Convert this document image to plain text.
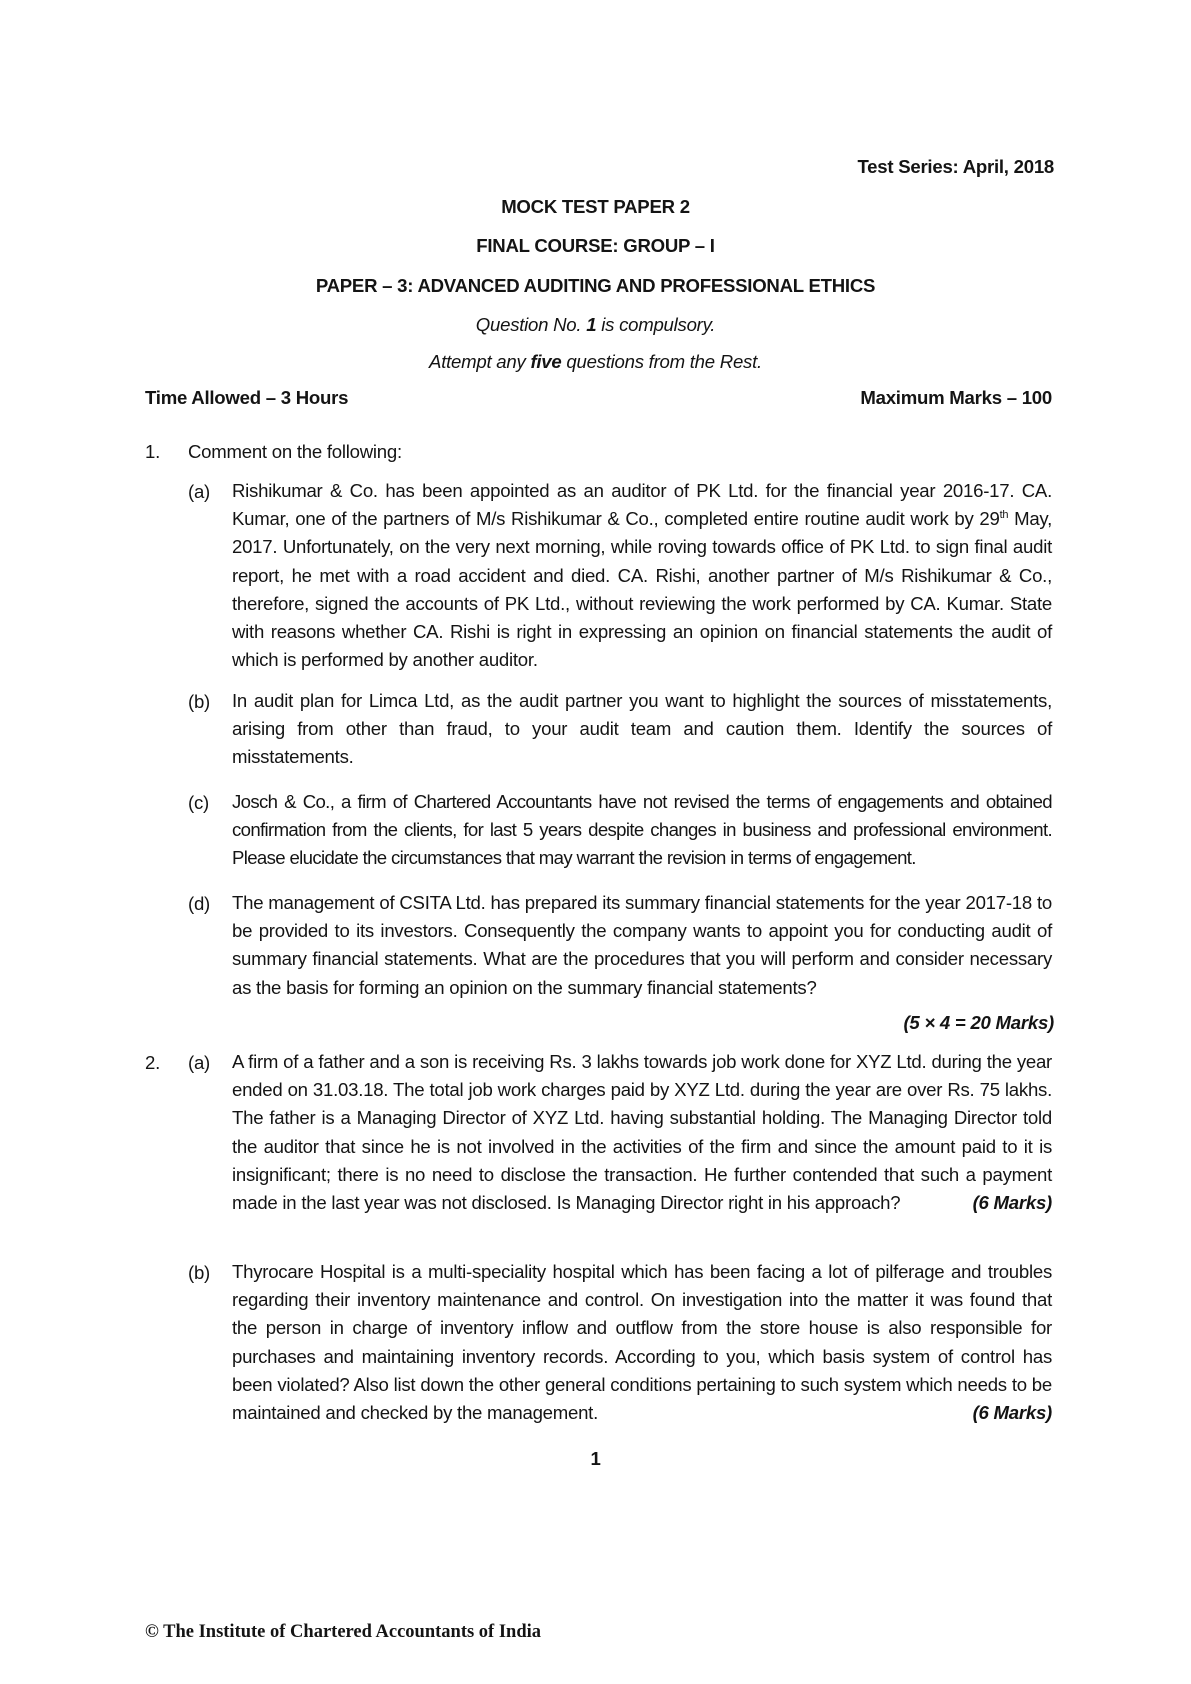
Test Series: April, 2018
MOCK TEST PAPER 2
FINAL COURSE: GROUP – I
PAPER – 3: ADVANCED AUDITING AND PROFESSIONAL ETHICS
Question No. 1 is compulsory.
Attempt any five questions from the Rest.
Time Allowed – 3 Hours	Maximum Marks – 100
1. Comment on the following:
(a) Rishikumar & Co. has been appointed as an auditor of PK Ltd. for the financial year 2016-17. CA. Kumar, one of the partners of M/s Rishikumar & Co., completed entire routine audit work by 29th May, 2017. Unfortunately, on the very next morning, while roving towards office of PK Ltd. to sign final audit report, he met with a road accident and died. CA. Rishi, another partner of M/s Rishikumar & Co., therefore, signed the accounts of PK Ltd., without reviewing the work performed by CA. Kumar. State with reasons whether CA. Rishi is right in expressing an opinion on financial statements the audit of which is performed by another auditor.
(b) In audit plan for Limca Ltd, as the audit partner you want to highlight the sources of misstatements, arising from other than fraud, to your audit team and caution them. Identify the sources of misstatements.
(c) Josch & Co., a firm of Chartered Accountants have not revised the terms of engagements and obtained confirmation from the clients, for last 5 years despite changes in business and professional environment. Please elucidate the circumstances that may warrant the revision in terms of engagement.
(d) The management of CSITA Ltd. has prepared its summary financial statements for the year 2017-18 to be provided to its investors. Consequently the company wants to appoint you for conducting audit of summary financial statements. What are the procedures that you will perform and consider necessary as the basis for forming an opinion on the summary financial statements?
(5 × 4 = 20 Marks)
2. (a) A firm of a father and a son is receiving Rs. 3 lakhs towards job work done for XYZ Ltd. during the year ended on 31.03.18. The total job work charges paid by XYZ Ltd. during the year are over Rs. 75 lakhs. The father is a Managing Director of XYZ Ltd. having substantial holding. The Managing Director told the auditor that since he is not involved in the activities of the firm and since the amount paid to it is insignificant; there is no need to disclose the transaction. He further contended that such a payment made in the last year was not disclosed. Is Managing Director right in his approach?	(6 Marks)
(b) Thyrocare Hospital is a multi-speciality hospital which has been facing a lot of pilferage and troubles regarding their inventory maintenance and control. On investigation into the matter it was found that the person in charge of inventory inflow and outflow from the store house is also responsible for purchases and maintaining inventory records. According to you, which basis system of control has been violated? Also list down the other general conditions pertaining to such system which needs to be maintained and checked by the management.	(6 Marks)
1
© The Institute of Chartered Accountants of India
